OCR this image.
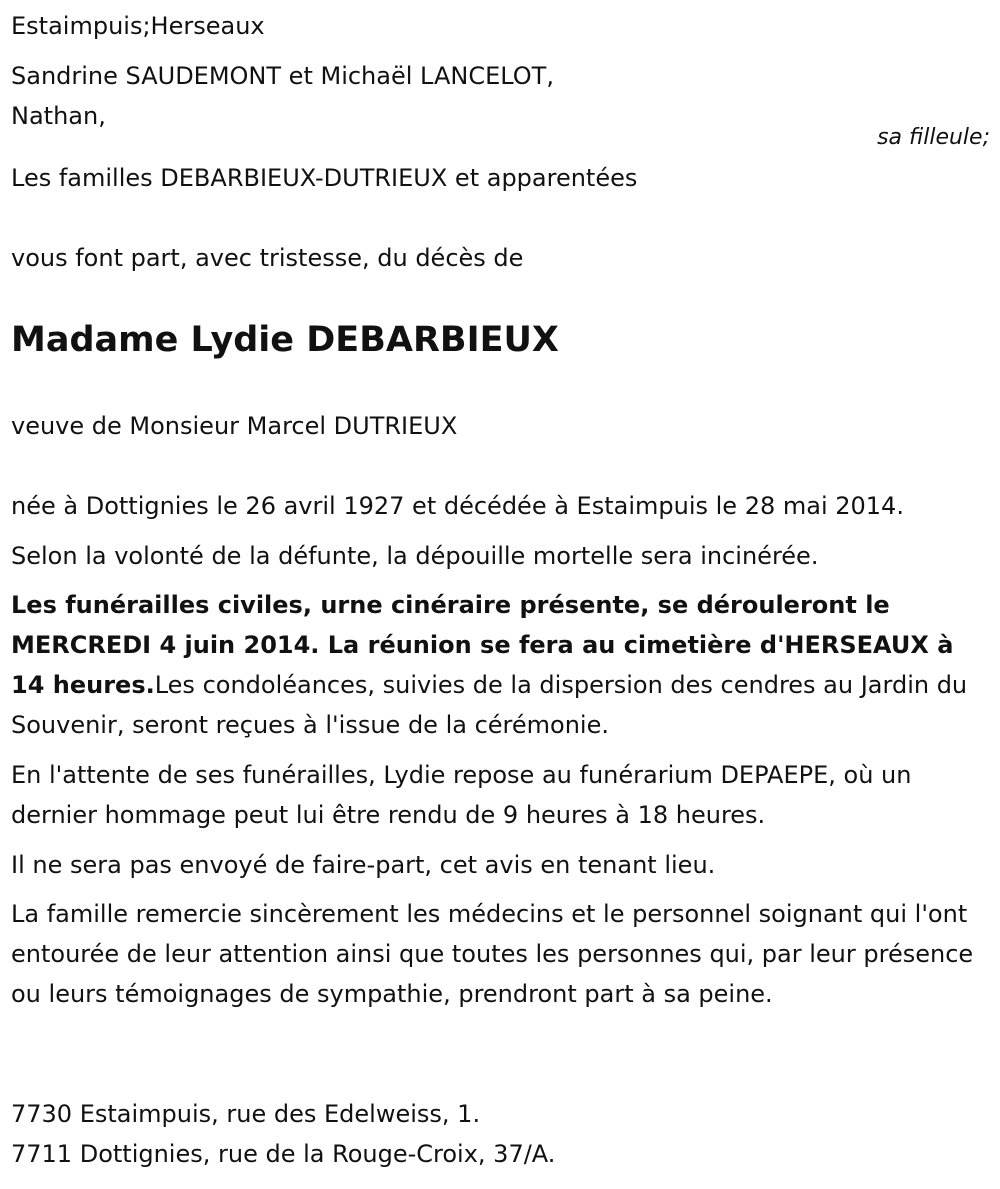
Estaimpuis;Herseaux
Sandrine SAUDEMONT et Michaël LANCELOT,
Nathan,
sa filleule;
Les familles DEBARBIEUX-DUTRIEUX et apparentées
vous font part, avec tristesse, du décès de
Madame Lydie DEBARBIEUX
veuve de Monsieur Marcel DUTRIEUX
née à Dottignies le 26 avril 1927 et décédée à Estaimpuis le 28 mai 2014.
Selon la volonté de la défunte, la dépouille mortelle sera incinérée.
Les funérailles civiles, urne cinéraire présente, se dérouleront le MERCREDI 4 juin 2014. La réunion se fera au cimetière d'HERSEAUX à 14 heures.Les condoléances, suivies de la dispersion des cendres au Jardin du Souvenir, seront reçues à l'issue de la cérémonie.
En l'attente de ses funérailles, Lydie repose au funérarium DEPAEPE, où un dernier hommage peut lui être rendu de 9 heures à 18 heures.
Il ne sera pas envoyé de faire-part, cet avis en tenant lieu.
La famille remercie sincèrement les médecins et le personnel soignant qui l'ont entourée de leur attention ainsi que toutes les personnes qui, par leur présence ou leurs témoignages de sympathie, prendront part à sa peine.
7730 Estaimpuis, rue des Edelweiss, 1.
7711 Dottignies, rue de la Rouge-Croix, 37/A.
